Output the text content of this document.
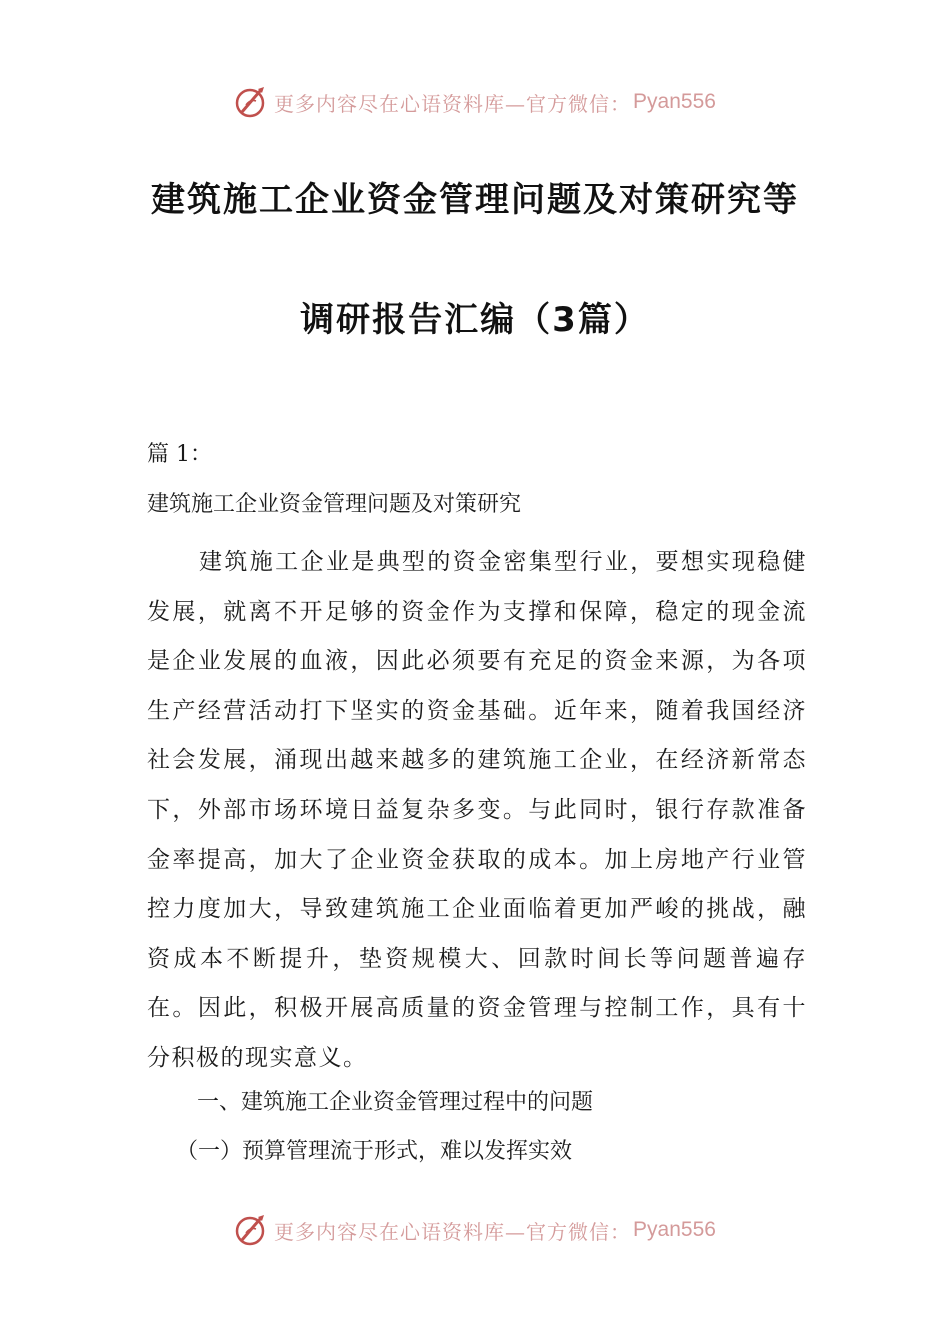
更多内容尽在心语资料库—官方微信： Pyan556
建筑施工企业资金管理问题及对策研究等
调研报告汇编（3篇）
篇 1：
建筑施工企业资金管理问题及对策研究

建筑施工企业是典型的资金密集型行业，要想实现稳健发展，就离不开足够的资金作为支撑和保障，稳定的现金流是企业发展的血液，因此必须要有充足的资金来源，为各项生产经营活动打下坚实的资金基础。近年来，随着我国经济社会发展，涌现出越来越多的建筑施工企业，在经济新常态下，外部市场环境日益复杂多变。与此同时，银行存款准备金率提高，加大了企业资金获取的成本。加上房地产行业管控力度加大，导致建筑施工企业面临着更加严峻的挑战，融资成本不断提升，垫资规模大、回款时间长等问题普遍存在。因此，积极开展高质量的资金管理与控制工作，具有十分积极的现实意义。

一、建筑施工企业资金管理过程中的问题
（一）预算管理流于形式，难以发挥实效
更多内容尽在心语资料库—官方微信： Pyan556
